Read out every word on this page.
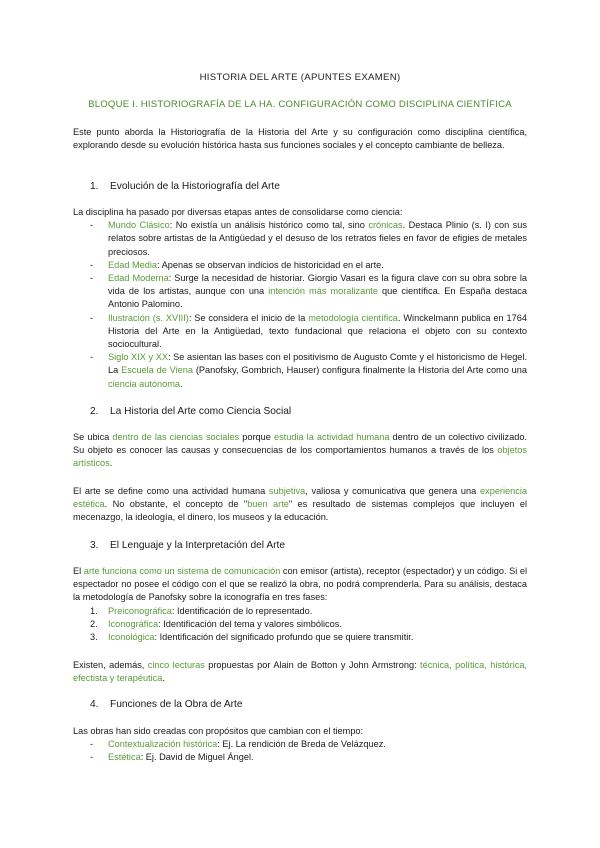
HISTORIA DEL ARTE (APUNTES EXAMEN)
BLOQUE I. HISTORIOGRAFÍA DE LA HA. CONFIGURACIÓN COMO DISCIPLINA CIENTÍFICA

Este punto aborda la Historiografía de la Historia del Arte y su configuración como disciplina científica, explorando desde su evolución histórica hasta sus funciones sociales y el concepto cambiante de belleza.

1. Evolución de la Historiografía del Arte

La disciplina ha pasado por diversas etapas antes de consolidarse como ciencia:

- Mundo Clásico: No existía un análisis histórico como tal, sino crónicas. Destaca Plinio (s. I) con sus relatos sobre artistas de la Antigüedad y el desuso de los retratos fieles en favor de efigies de metales preciosos.
- Edad Media: Apenas se observan indicios de historicidad en el arte.
- Edad Moderna: Surge la necesidad de historiar. Giorgio Vasari es la figura clave con su obra sobre la vida de los artistas, aunque con una intención más moralizante que científica. En España destaca Antonio Palomino.
- Ilustración (s. XVIII): Se considera el inicio de la metodología científica. Winckelmann publica en 1764 Historia del Arte en la Antigüedad, texto fundacional que relaciona el objeto con su contexto sociocultural.
- Siglo XIX y XX: Se asientan las bases con el positivismo de Augusto Comte y el historicismo de Hegel. La Escuela de Viena (Panofsky, Gombrich, Hauser) configura finalmente la Historia del Arte como una ciencia autónoma.
2. La Historia del Arte como Ciencia Social

Se ubica dentro de las ciencias sociales porque estudia la actividad humana dentro de un colectivo civilizado. Su objeto es conocer las causas y consecuencias de los comportamientos humanos a través de los objetos artísticos.

El arte se define como una actividad humana subjetiva, valiosa y comunicativa que genera una experiencia estética. No obstante, el concepto de "buen arte" es resultado de sistemas complejos que incluyen el mecenazgo, la ideología, el dinero, los museos y la educación.

3. El Lenguaje y la Interpretación del Arte

El arte funciona como un sistema de comunicación con emisor (artista), receptor (espectador) y un código. Si el espectador no posee el código con el que se realizó la obra, no podrá comprenderla. Para su análisis, destaca la metodología de Panofsky sobre la iconografía en tres fases:

1. Preiconográfica: Identificación de lo representado.
2. Iconográfica: Identificación del tema y valores simbólicos.
3. Iconológica: Identificación del significado profundo que se quiere transmitir.

Existen, además, cinco lecturas propuestas por Alain de Botton y John Armstrong: técnica, política, histórica, efectista y terapéutica.

4. Funciones de la Obra de Arte

Las obras han sido creadas con propósitos que cambian con el tiempo:

- Contextualización histórica: Ej. La rendición de Breda de Velázquez.
- Estética: Ej. David de Miguel Ángel.
